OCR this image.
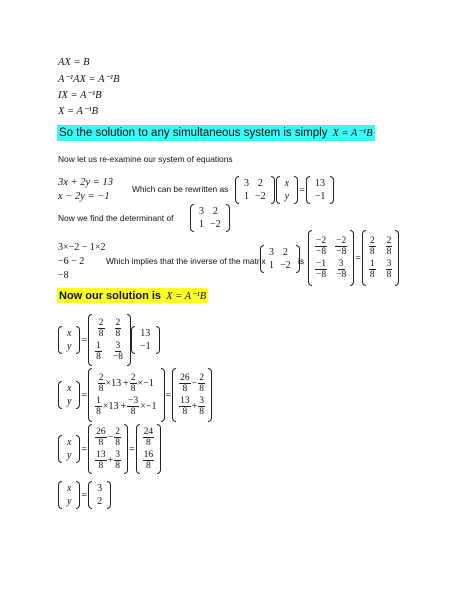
AX = B
A⁻¹AX = A⁻¹B
IX = A⁻¹B
X = A⁻¹B
So the solution to any simultaneous system is simply X = A⁻¹B
Now let us re-examine our system of equations
3x + 2y = 13
x − 2y = −1
Which can be rewritten as 3
1
2
−2
x
y
=
13
−1
Now we find the determinant of
3
1
2
−2
3×−2 − 1×2
−6 − 2
−8
Which implies that the inverse of the matrix
3
1
2
−2 is
$\frac{-2}{-8} \frac{-2}{-8}$
$\frac{-1}{-8} \frac{3}{-8}$
=
$\frac{2}{8} \frac{2}{8}$
$\frac{1}{8} \frac{3}{8}$
Now our solution is X = A⁻¹B
x
y
=
$\frac{2}{8} \frac{2}{8}$
$\frac{1}{8} \frac{3}{-8}$
13
−1
x
y
=
$\frac{2}{8} \times 13 + \frac{2}{8} \times-1$
$\frac{1}{8} \times 13 + \frac{-3}{8} \times-1$
=
$\frac{26}{8} - \frac{2}{8}$
$\frac{13}{8} + \frac{3}{8}$
x
y
=
$\frac{26}{8} - \frac{2}{8}$
$\frac{13}{8} + \frac{3}{8}$
=
$\frac{24}{8}$
$\frac{16}{8}$
x
y
=
3
2
